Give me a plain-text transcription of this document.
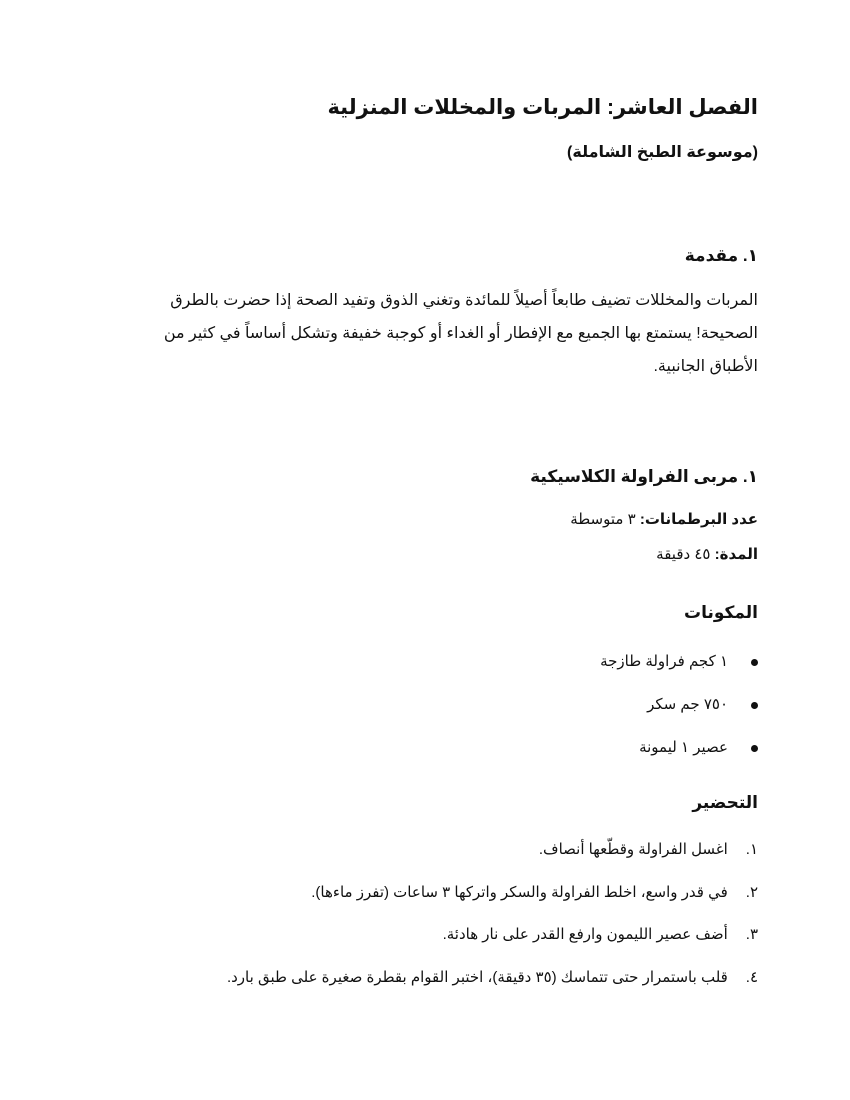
الفصل العاشر: المربات والمخللات المنزلية

(موسوعة الطبخ الشاملة)

١. مقدمة

المربات والمخللات تضيف طابعاً أصيلاً للمائدة وتغني الذوق وتفيد الصحة إذا حضرت بالطرق الصحيحة! يستمتع بها الجميع مع الإفطار أو الغداء أو كوجبة خفيفة وتشكل أساساً في كثير من الأطباق الجانبية.

١. مربى الفراولة الكلاسيكية

عدد البرطمانات: ٣ متوسطة

المدة: ٤٥ دقيقة

المكونات
١ كجم فراولة طازجة
٧٥٠ جم سكر
عصير ١ ليمونة
التحضير
١. اغسل الفراولة وقطّعها أنصاف.
٢. في قدر واسع، اخلط الفراولة والسكر واتركها ٣ ساعات (تفرز ماءها).
٣. أضف عصير الليمون وارفع القدر على نار هادئة.
٤. قلب باستمرار حتى تتماسك (٣٥ دقيقة)، اختبر القوام بقطرة صغيرة على طبق بارد.
